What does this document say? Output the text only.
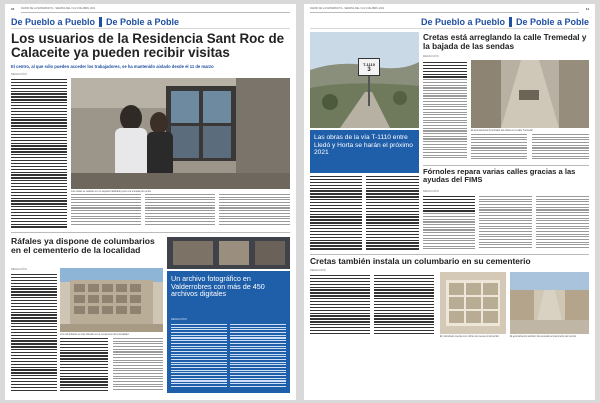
10	DIARIO DE LA MATARRANYA · SEMANA DEL 3 AL 9 DE ABRIL 2021
De Pueblo a Pueblo De Poble a Poble
Los usuarios de la Residencia Sant Roc de Calaceite ya pueden recibir visitas
El centro, al que sólo pueden acceder los trabajadores, se ha mantenido aislado desde el 11 de marzo
REDACCIÓN
Las visitas se realizan en un espacio habilitado junto a la entrada del centro
Ráfales ya dispone de columbarios en el cementerio de la localidad
REDACCIÓN
Los columbarios se han ubicado en el cementerio de la localidad
Un archivo fotográfico en Valderrobres con más de 450 archivos digitales
REDACCIÓN
11
DIARIO DE LA MATARRANYA · SEMANA DEL 3 AL 9 DE ABRIL 2021
De Pueblo a Pueblo De Poble a Poble
T-1110
3
Las obras de la vía T-1110 entre Lledó y Horta se harán el próximo 2021
Cretas está arreglando la calle Tremedal y la bajada de las sendas
REDACCIÓN
El ayuntamiento ha iniciado las obras en la calle Tremedal
Fórnoles repara varias calles gracias a las ayudas del FIMS
REDACCIÓN
Cretas también instala un columbario en su cementerio
REDACCIÓN
El columbario cuenta con nichos de nueva construcción	El ayuntamiento también ha renovado el pavimento del recinto
